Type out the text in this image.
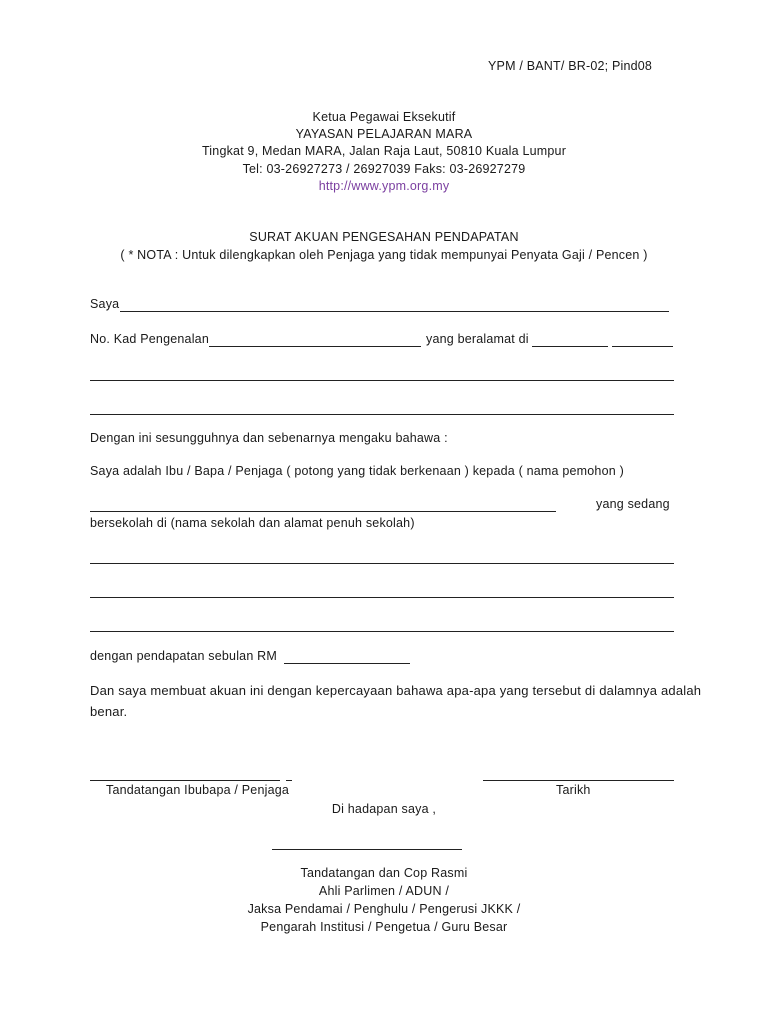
YPM / BANT/ BR-02; Pind08
Ketua Pegawai Eksekutif
YAYASAN PELAJARAN MARA
Tingkat 9, Medan MARA, Jalan Raja Laut, 50810 Kuala Lumpur
Tel: 03-26927273 / 26927039 Faks: 03-26927279
http://www.ypm.org.my
SURAT AKUAN PENGESAHAN PENDAPATAN
( * NOTA : Untuk dilengkapkan oleh Penjaga yang tidak mempunyai Penyata Gaji / Pencen )
Saya
No. Kad Pengenalan	yang beralamat di
Dengan ini sesungguhnya dan sebenarnya mengaku bahawa :
Saya adalah Ibu / Bapa / Penjaga ( potong yang tidak berkenaan ) kepada ( nama pemohon )
yang sedang
bersekolah di (nama sekolah dan alamat penuh sekolah)
dengan pendapatan sebulan RM
Dan saya membuat akuan ini dengan kepercayaan bahawa apa-apa yang tersebut di dalamnya adalah
benar.
Tandatangan Ibubapa / Penjaga	Tarikh
Di hadapan saya ,
Tandatangan dan Cop Rasmi
Ahli Parlimen / ADUN /
Jaksa Pendamai / Penghulu / Pengerusi JKKK /
Pengarah Institusi / Pengetua / Guru Besar
